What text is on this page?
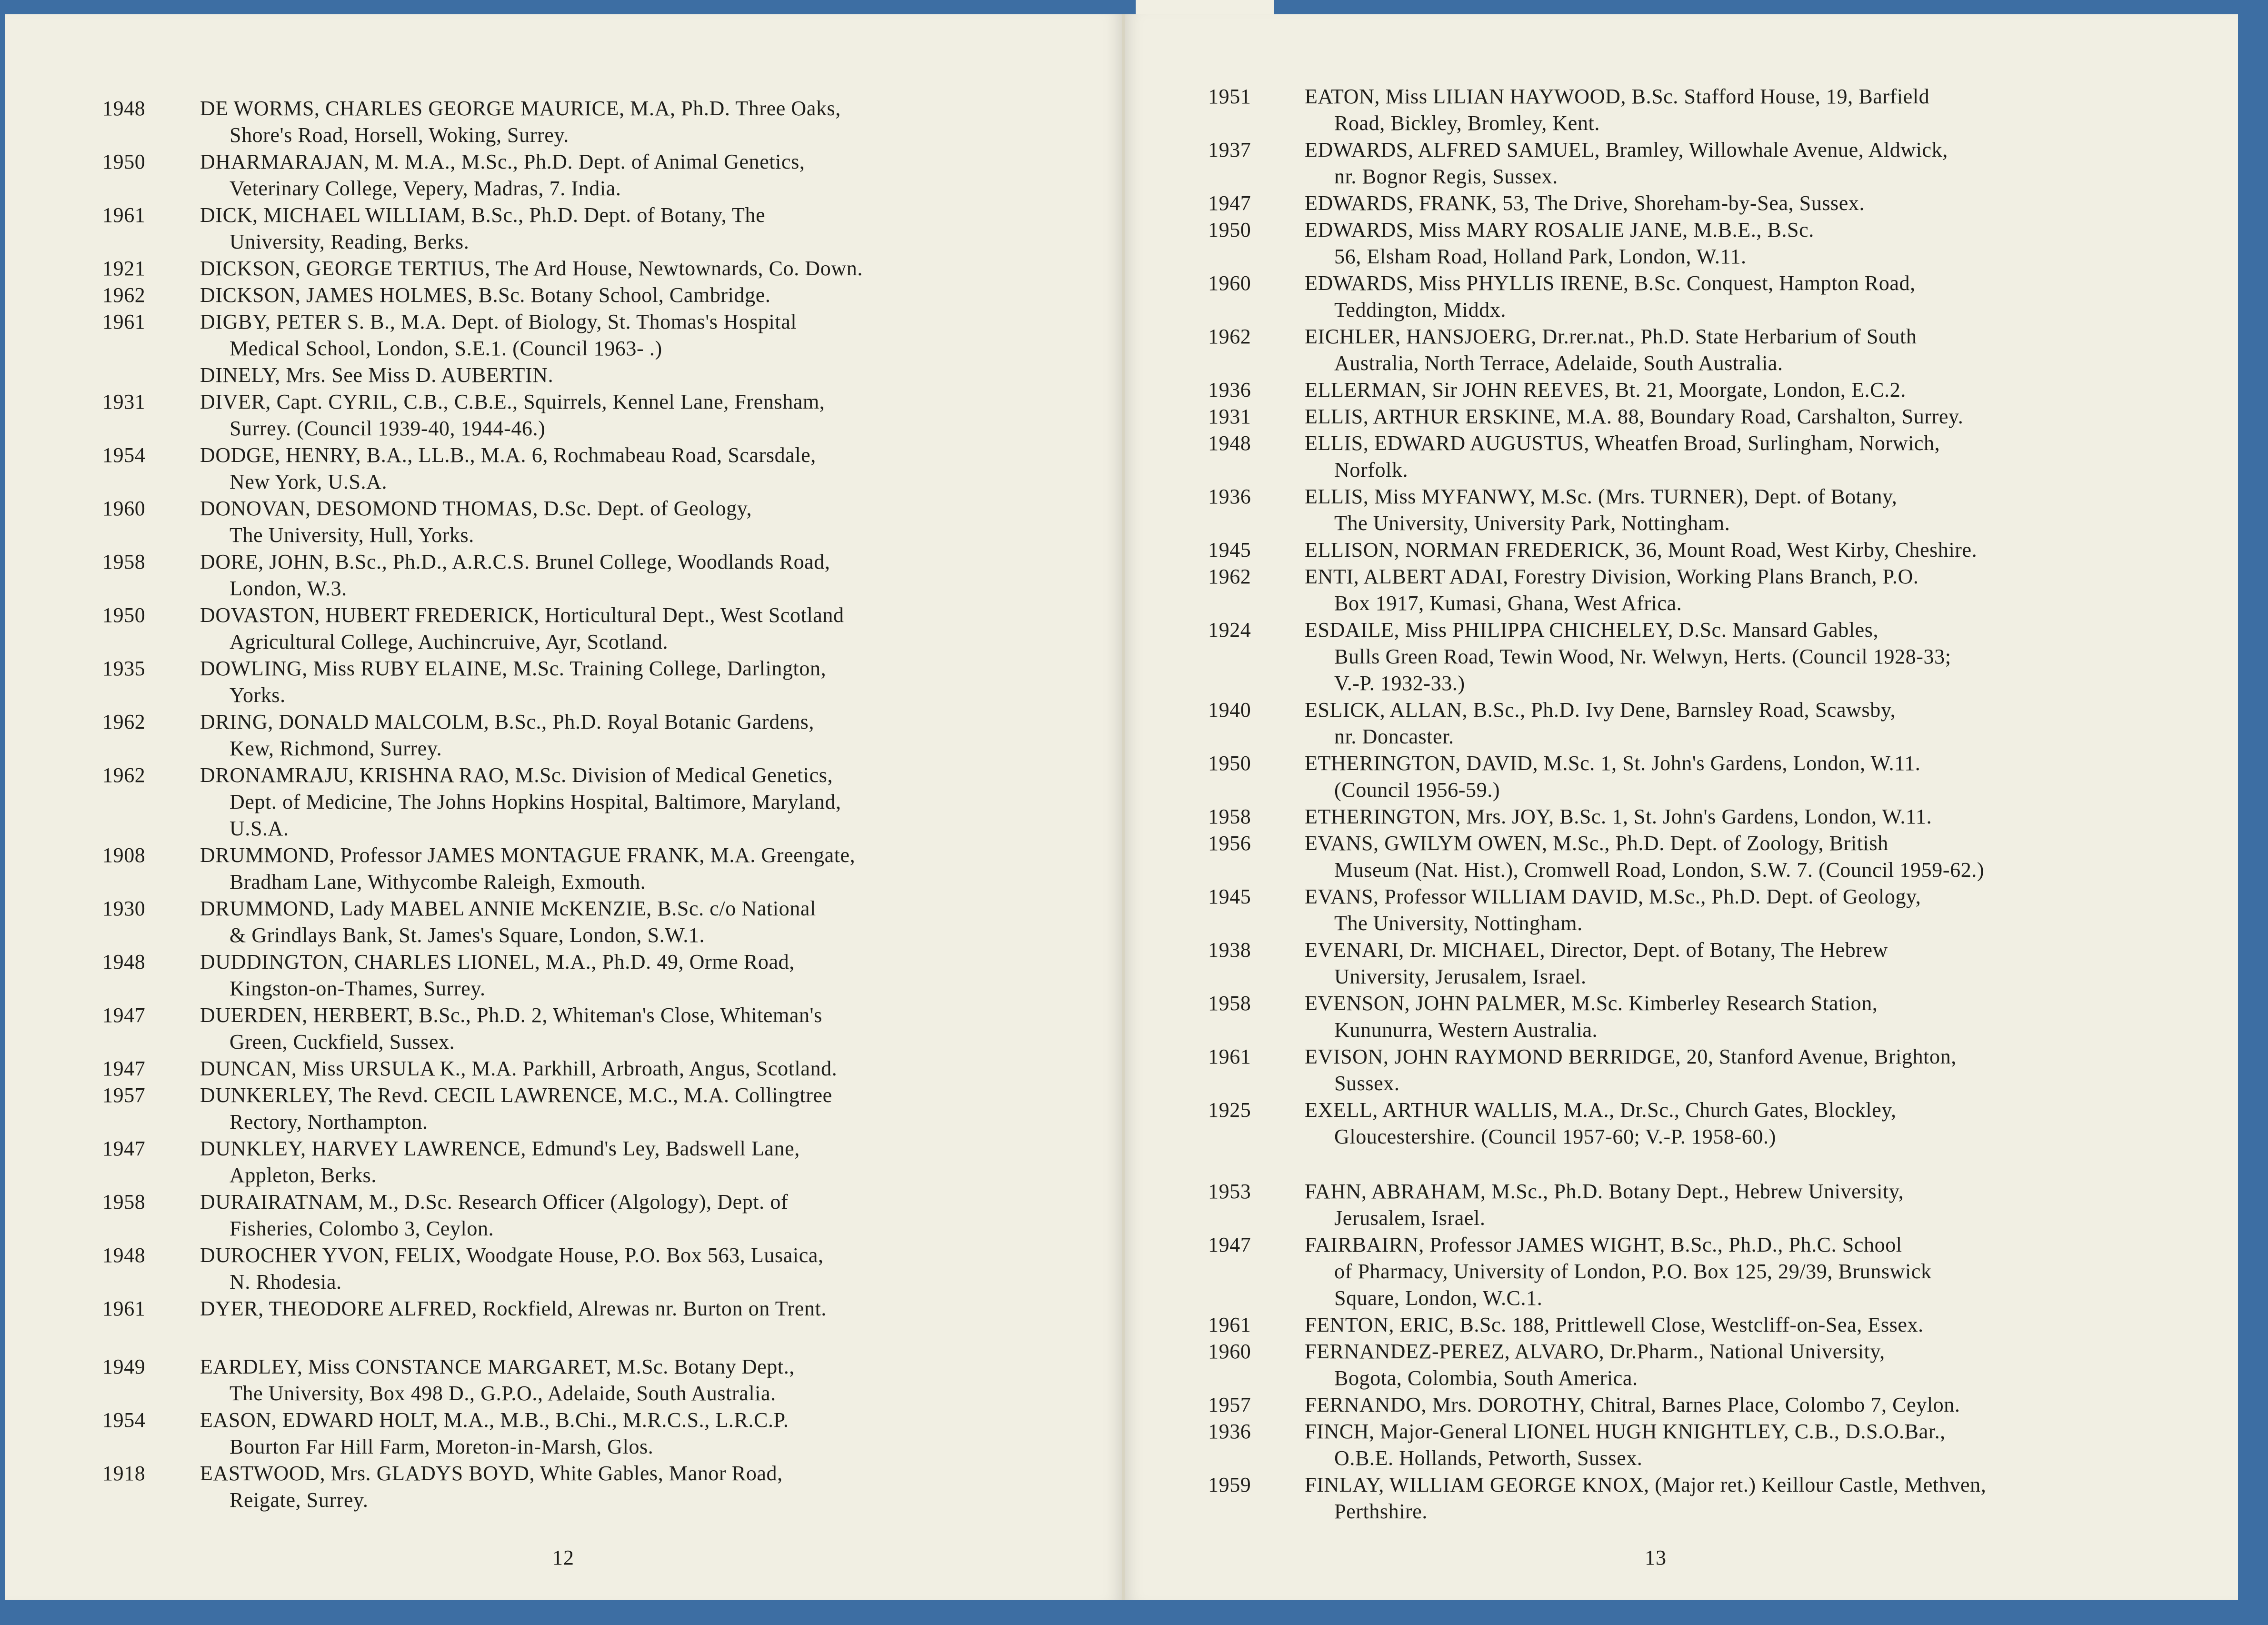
1948	DE WORMS, CHARLES GEORGE MAURICE, M.A, Ph.D. Three Oaks,
Shore's Road, Horsell, Woking, Surrey.
1950	DHARMARAJAN, M. M.A., M.Sc., Ph.D. Dept. of Animal Genetics,
Veterinary College, Vepery, Madras, 7. India.
1961	DICK, MICHAEL WILLIAM, B.Sc., Ph.D. Dept. of Botany, The
University, Reading, Berks.
1921	DICKSON, GEORGE TERTIUS, The Ard House, Newtownards, Co. Down.
1962	DICKSON, JAMES HOLMES, B.Sc. Botany School, Cambridge.
1961	DIGBY, PETER S. B., M.A. Dept. of Biology, St. Thomas's Hospital
Medical School, London, S.E.1. (Council 1963- .)
DINELY, Mrs. See Miss D. AUBERTIN.
1931	DIVER, Capt. CYRIL, C.B., C.B.E., Squirrels, Kennel Lane, Frensham,
Surrey. (Council 1939-40, 1944-46.)
1954	DODGE, HENRY, B.A., LL.B., M.A. 6, Rochmabeau Road, Scarsdale,
New York, U.S.A.
1960	DONOVAN, DESOMOND THOMAS, D.Sc. Dept. of Geology,
The University, Hull, Yorks.
1958	DORE, JOHN, B.Sc., Ph.D., A.R.C.S. Brunel College, Woodlands Road,
London, W.3.
1950	DOVASTON, HUBERT FREDERICK, Horticultural Dept., West Scotland
Agricultural College, Auchincruive, Ayr, Scotland.
1935	DOWLING, Miss RUBY ELAINE, M.Sc. Training College, Darlington,
Yorks.
1962	DRING, DONALD MALCOLM, B.Sc., Ph.D. Royal Botanic Gardens,
Kew, Richmond, Surrey.
1962	DRONAMRAJU, KRISHNA RAO, M.Sc. Division of Medical Genetics,
Dept. of Medicine, The Johns Hopkins Hospital, Baltimore, Maryland,
U.S.A.
1908	DRUMMOND, Professor JAMES MONTAGUE FRANK, M.A. Greengate,
Bradham Lane, Withycombe Raleigh, Exmouth.
1930	DRUMMOND, Lady MABEL ANNIE McKENZIE, B.Sc. c/o National
& Grindlays Bank, St. James's Square, London, S.W.1.
1948	DUDDINGTON, CHARLES LIONEL, M.A., Ph.D. 49, Orme Road,
Kingston-on-Thames, Surrey.
1947	DUERDEN, HERBERT, B.Sc., Ph.D. 2, Whiteman's Close, Whiteman's
Green, Cuckfield, Sussex.
1947	DUNCAN, Miss URSULA K., M.A. Parkhill, Arbroath, Angus, Scotland.
1957	DUNKERLEY, The Revd. CECIL LAWRENCE, M.C., M.A. Collingtree
Rectory, Northampton.
1947	DUNKLEY, HARVEY LAWRENCE, Edmund's Ley, Badswell Lane,
Appleton, Berks.
1958	DURAIRATNAM, M., D.Sc. Research Officer (Algology), Dept. of
Fisheries, Colombo 3, Ceylon.
1948	DUROCHER YVON, FELIX, Woodgate House, P.O. Box 563, Lusaica,
N. Rhodesia.
1961	DYER, THEODORE ALFRED, Rockfield, Alrewas nr. Burton on Trent.
1949	EARDLEY, Miss CONSTANCE MARGARET, M.Sc. Botany Dept.,
The University, Box 498 D., G.P.O., Adelaide, South Australia.
1954	EASON, EDWARD HOLT, M.A., M.B., B.Chi., M.R.C.S., L.R.C.P.
Bourton Far Hill Farm, Moreton-in-Marsh, Glos.
1918	EASTWOOD, Mrs. GLADYS BOYD, White Gables, Manor Road,
Reigate, Surrey.
12
1951	EATON, Miss LILIAN HAYWOOD, B.Sc. Stafford House, 19, Barfield
Road, Bickley, Bromley, Kent.
1937	EDWARDS, ALFRED SAMUEL, Bramley, Willowhale Avenue, Aldwick,
nr. Bognor Regis, Sussex.
1947	EDWARDS, FRANK, 53, The Drive, Shoreham-by-Sea, Sussex.
1950	EDWARDS, Miss MARY ROSALIE JANE, M.B.E., B.Sc.
56, Elsham Road, Holland Park, London, W.11.
1960	EDWARDS, Miss PHYLLIS IRENE, B.Sc. Conquest, Hampton Road,
Teddington, Middx.
1962	EICHLER, HANSJOERG, Dr.rer.nat., Ph.D. State Herbarium of South
Australia, North Terrace, Adelaide, South Australia.
1936	ELLERMAN, Sir JOHN REEVES, Bt. 21, Moorgate, London, E.C.2.
1931	ELLIS, ARTHUR ERSKINE, M.A. 88, Boundary Road, Carshalton, Surrey.
1948	ELLIS, EDWARD AUGUSTUS, Wheatfen Broad, Surlingham, Norwich,
Norfolk.
1936	ELLIS, Miss MYFANWY, M.Sc. (Mrs. TURNER), Dept. of Botany,
The University, University Park, Nottingham.
1945	ELLISON, NORMAN FREDERICK, 36, Mount Road, West Kirby, Cheshire.
1962	ENTI, ALBERT ADAI, Forestry Division, Working Plans Branch, P.O.
Box 1917, Kumasi, Ghana, West Africa.
1924	ESDAILE, Miss PHILIPPA CHICHELEY, D.Sc. Mansard Gables,
Bulls Green Road, Tewin Wood, Nr. Welwyn, Herts. (Council 1928-33;
V.-P. 1932-33.)
1940	ESLICK, ALLAN, B.Sc., Ph.D. Ivy Dene, Barnsley Road, Scawsby,
nr. Doncaster.
1950	ETHERINGTON, DAVID, M.Sc. 1, St. John's Gardens, London, W.11.
(Council 1956-59.)
1958	ETHERINGTON, Mrs. JOY, B.Sc. 1, St. John's Gardens, London, W.11.
1956	EVANS, GWILYM OWEN, M.Sc., Ph.D. Dept. of Zoology, British
Museum (Nat. Hist.), Cromwell Road, London, S.W. 7. (Council 1959-62.)
1945	EVANS, Professor WILLIAM DAVID, M.Sc., Ph.D. Dept. of Geology,
The University, Nottingham.
1938	EVENARI, Dr. MICHAEL, Director, Dept. of Botany, The Hebrew
University, Jerusalem, Israel.
1958	EVENSON, JOHN PALMER, M.Sc. Kimberley Research Station,
Kununurra, Western Australia.
1961	EVISON, JOHN RAYMOND BERRIDGE, 20, Stanford Avenue, Brighton,
Sussex.
1925	EXELL, ARTHUR WALLIS, M.A., Dr.Sc., Church Gates, Blockley,
Gloucestershire. (Council 1957-60; V.-P. 1958-60.)
1953	FAHN, ABRAHAM, M.Sc., Ph.D. Botany Dept., Hebrew University,
Jerusalem, Israel.
1947	FAIRBAIRN, Professor JAMES WIGHT, B.Sc., Ph.D., Ph.C. School
of Pharmacy, University of London, P.O. Box 125, 29/39, Brunswick
Square, London, W.C.1.
1961	FENTON, ERIC, B.Sc. 188, Prittlewell Close, Westcliff-on-Sea, Essex.
1960	FERNANDEZ-PEREZ, ALVARO, Dr.Pharm., National University,
Bogota, Colombia, South America.
1957	FERNANDO, Mrs. DOROTHY, Chitral, Barnes Place, Colombo 7, Ceylon.
1936	FINCH, Major-General LIONEL HUGH KNIGHTLEY, C.B., D.S.O.Bar.,
O.B.E. Hollands, Petworth, Sussex.
1959	FINLAY, WILLIAM GEORGE KNOX, (Major ret.) Keillour Castle, Methven,
Perthshire.
13
